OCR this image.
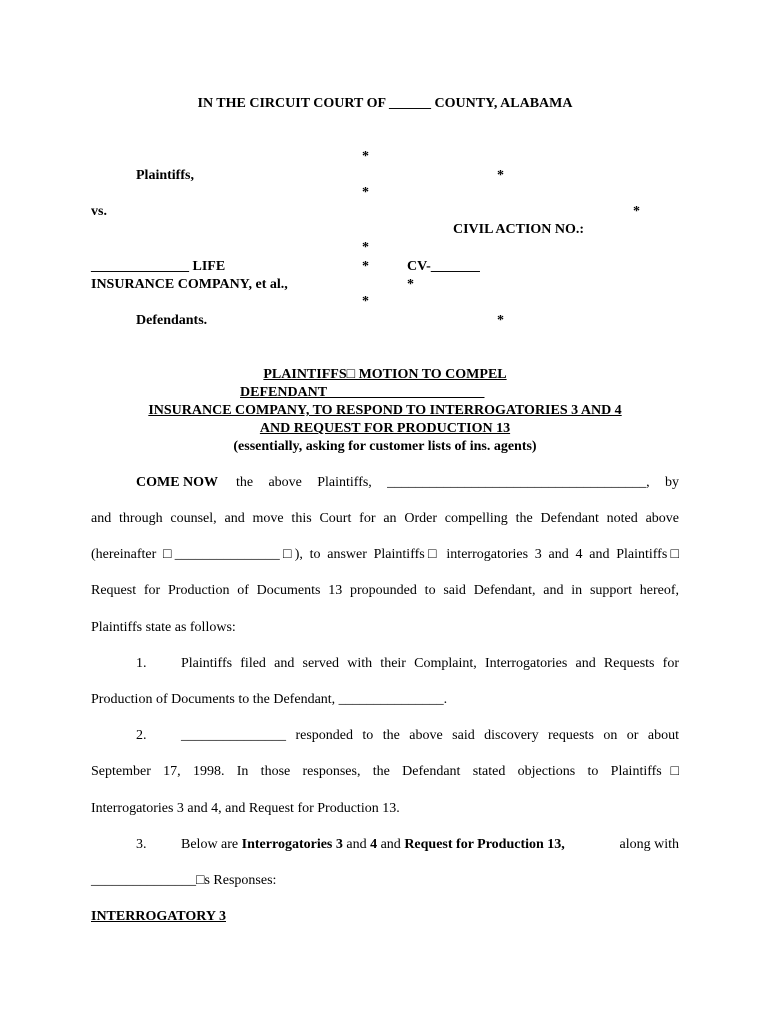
IN THE CIRCUIT COURT OF ______ COUNTY, ALABAMA
*
Plaintiffs,	*
*
vs.	*
CIVIL ACTION NO.:
*
______________ LIFE	*	CV-_______
INSURANCE COMPANY, et al.,	*
*
Defendants.	*
PLAINTIFFS□ MOTION TO COMPEL
DEFENDANT ______________________
INSURANCE COMPANY, TO RESPOND TO INTERROGATORIES 3 AND 4
AND REQUEST FOR PRODUCTION 13
(essentially, asking for customer lists of ins. agents)
COME NOW the above Plaintiffs, _____________________________________, by
and through counsel, and move this Court for an Order compelling the Defendant noted above
(hereinafter □_______________□), to answer Plaintiffs□ interrogatories 3 and 4 and Plaintiffs□
Request for Production of Documents 13 propounded to said Defendant, and in support hereof,
Plaintiffs state as follows:
1. Plaintiffs filed and served with their Complaint, Interrogatories and Requests for
Production of Documents to the Defendant, _______________.
2. _______________ responded to the above said discovery requests on or about
September 17, 1998. In those responses, the Defendant stated objections to Plaintiffs□
Interrogatories 3 and 4, and Request for Production 13.
3. Below are Interrogatories 3 and 4 and Request for Production 13,	along with
_______________□s Responses:
INTERROGATORY 3
